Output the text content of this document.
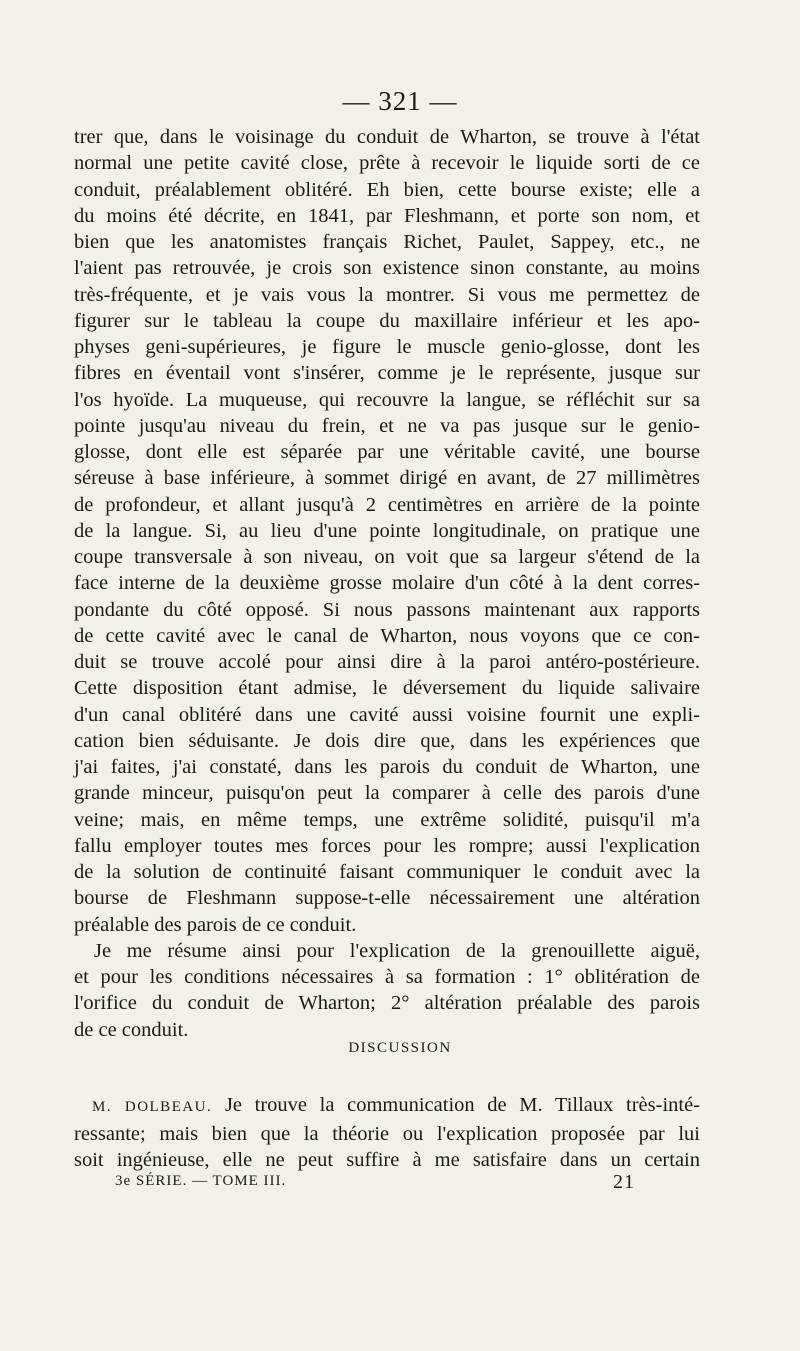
— 321 —
trer que, dans le voisinage du conduit de Wharton, se trouve à l'état
normal une petite cavité close, prête à recevoir le liquide sorti de ce
conduit, préalablement oblitéré. Eh bien, cette bourse existe; elle a
du moins été décrite, en 1841, par Fleshmann, et porte son nom, et
bien que les anatomistes français Richet, Paulet, Sappey, etc., ne
l'aient pas retrouvée, je crois son existence sinon constante, au moins
très-fréquente, et je vais vous la montrer. Si vous me permettez de
figurer sur le tableau la coupe du maxillaire inférieur et les apo-
physes geni-supérieures, je figure le muscle genio-glosse, dont les
fibres en éventail vont s'insérer, comme je le représente, jusque sur
l'os hyoïde. La muqueuse, qui recouvre la langue, se réfléchit sur sa
pointe jusqu'au niveau du frein, et ne va pas jusque sur le genio-
glosse, dont elle est séparée par une véritable cavité, une bourse
séreuse à base inférieure, à sommet dirigé en avant, de 27 millimètres
de profondeur, et allant jusqu'à 2 centimètres en arrière de la pointe
de la langue. Si, au lieu d'une pointe longitudinale, on pratique une
coupe transversale à son niveau, on voit que sa largeur s'étend de la
face interne de la deuxième grosse molaire d'un côté à la dent corres-
pondante du côté opposé. Si nous passons maintenant aux rapports
de cette cavité avec le canal de Wharton, nous voyons que ce con-
duit se trouve accolé pour ainsi dire à la paroi antéro-postérieure.
Cette disposition étant admise, le déversement du liquide salivaire
d'un canal oblitéré dans une cavité aussi voisine fournit une expli-
cation bien séduisante. Je dois dire que, dans les expériences que
j'ai faites, j'ai constaté, dans les parois du conduit de Wharton, une
grande minceur, puisqu'on peut la comparer à celle des parois d'une
veine; mais, en même temps, une extrême solidité, puisqu'il m'a
fallu employer toutes mes forces pour les rompre; aussi l'explication
de la solution de continuité faisant communiquer le conduit avec la
bourse de Fleshmann suppose-t-elle nécessairement une altération
préalable des parois de ce conduit.
Je me résume ainsi pour l'explication de la grenouillette aiguë,
et pour les conditions nécessaires à sa formation : 1° oblitération de
l'orifice du conduit de Wharton; 2° altération préalable des parois
de ce conduit.
DISCUSSION
M. DOLBEAU. Je trouve la communication de M. Tillaux très-inté-
ressante; mais bien que la théorie ou l'explication proposée par lui
soit ingénieuse, elle ne peut suffire à me satisfaire dans un certain
3e SÉRIE. — TOME III.	21
